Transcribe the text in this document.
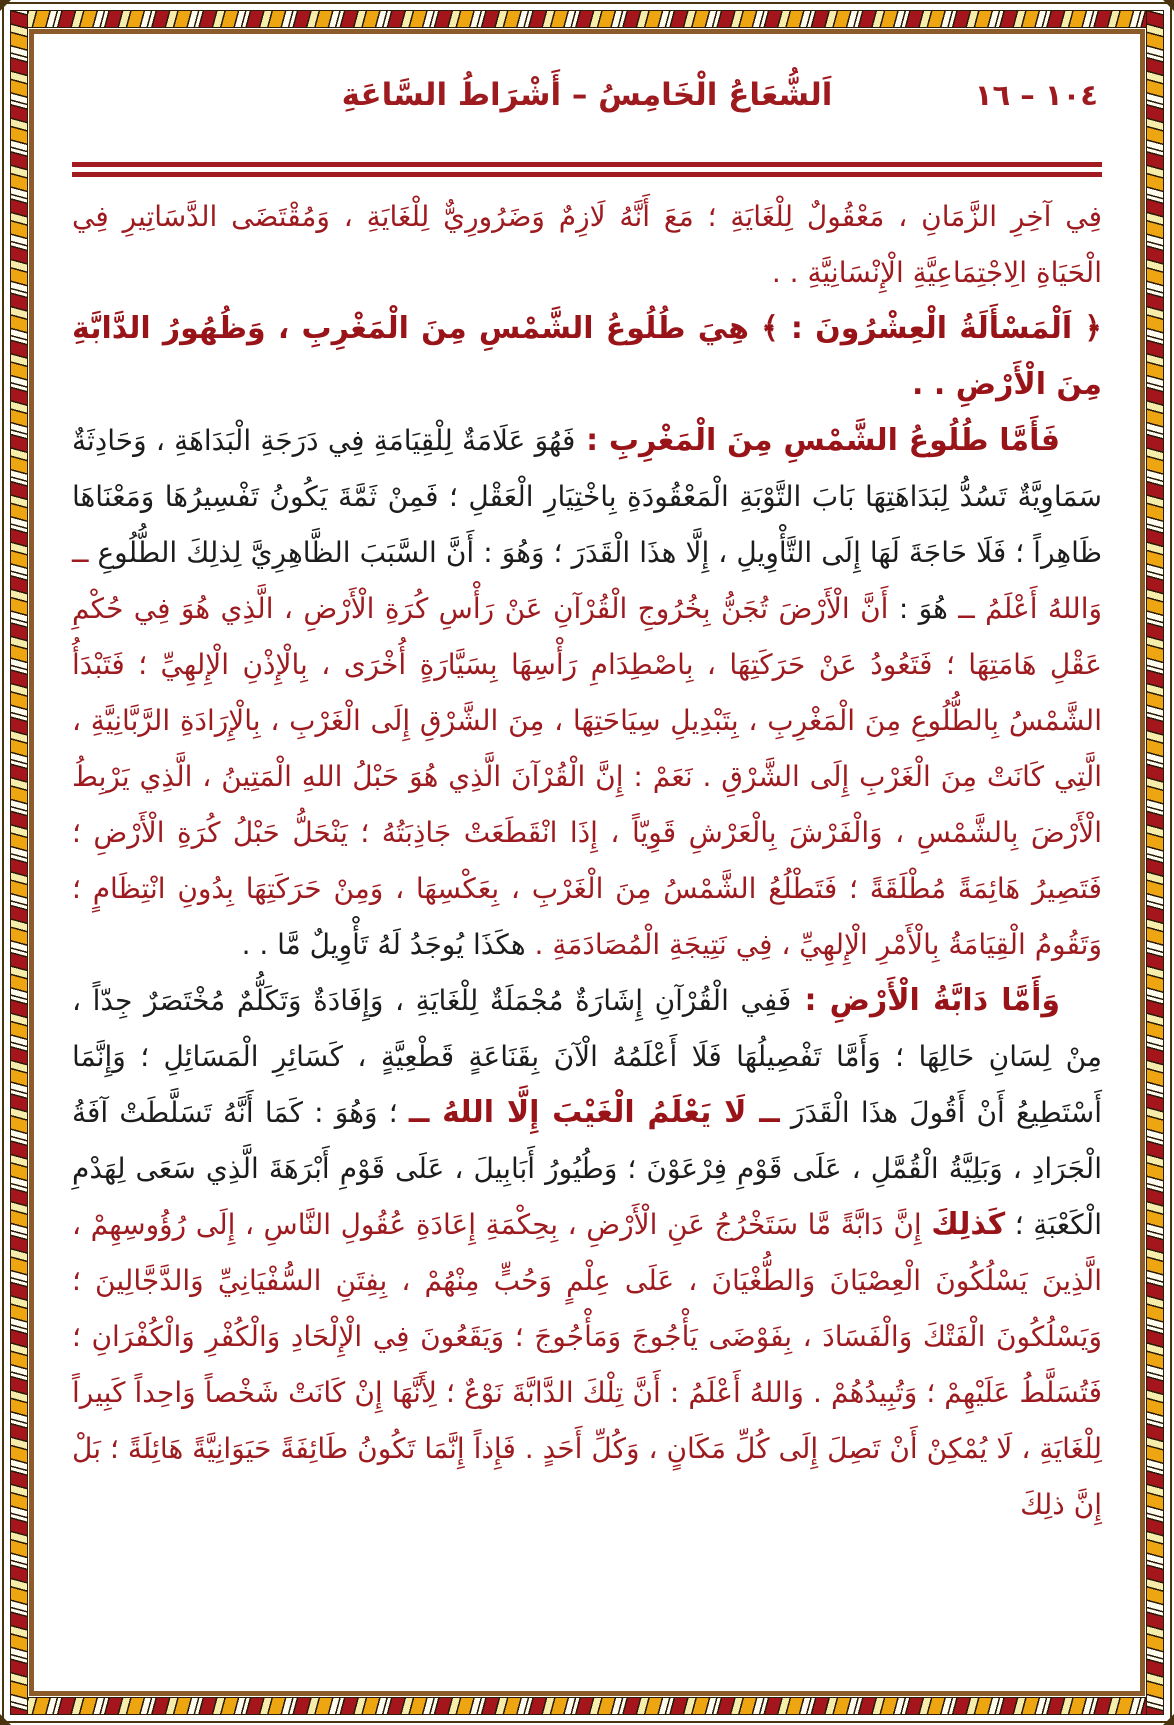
١٠٤ – ١٦
اَلشُّعَاعُ الْخَامِسُ – أَشْرَاطُ السَّاعَةِ

فِي آخِرِ الزَّمَانِ ، مَعْقُولٌ لِلْغَايَةِ ؛ مَعَ أَنَّهُ لَازِمٌ وَضَرُورِيٌّ لِلْغَايَةِ ، وَمُقْتَضَى الدَّسَاتِيرِ فِي الْحَيَاةِ الِاجْتِمَاعِيَّةِ الْإِنْسَانِيَّةِ . .

﴿ اَلْمَسْأَلَةُ الْعِشْرُونَ : ﴾ هِيَ طُلُوعُ الشَّمْسِ مِنَ الْمَغْرِبِ ، وَظُهُورُ الدَّابَّةِ مِنَ الْأَرْضِ . .

فَأَمَّا طُلُوعُ الشَّمْسِ مِنَ الْمَغْرِبِ : فَهُوَ عَلَامَةٌ لِلْقِيَامَةِ فِي دَرَجَةِ الْبَدَاهَةِ ، وَحَادِثَةٌ سَمَاوِيَّةٌ تَسُدُّ لِبَدَاهَتِهَا بَابَ التَّوْبَةِ الْمَعْقُودَةِ بِاخْتِيَارِ الْعَقْلِ ؛ فَمِنْ ثَمَّةَ يَكُونُ تَفْسِيرُهَا وَمَعْنَاهَا ظَاهِراً ؛ فَلَا حَاجَةَ لَهَا إِلَى التَّأْوِيلِ ، إِلَّا هذَا الْقَدَرَ ؛ وَهُوَ : أَنَّ السَّبَبَ الظَّاهِرِيَّ لِذلِكَ الطُّلُوعِ ــ وَاللهُ أَعْلَمُ ــ هُوَ : أَنَّ الْأَرْضَ تُجَنُّ بِخُرُوجِ الْقُرْآنِ عَنْ رَأْسِ كُرَةِ الْأَرْضِ ، الَّذِي هُوَ فِي حُكْمِ عَقْلِ هَامَتِهَا ؛ فَتَعُودُ عَنْ حَرَكَتِهَا ، بِاصْطِدَامِ رَأْسِهَا بِسَيَّارَةٍ أُخْرَى ، بِالْإِذْنِ الْإِلهِيِّ ؛ فَتَبْدَأُ الشَّمْسُ بِالطُّلُوعِ مِنَ الْمَغْرِبِ ، بِتَبْدِيلِ سِيَاحَتِهَا ، مِنَ الشَّرْقِ إِلَى الْغَرْبِ ، بِالْإِرَادَةِ الرَّبَّانِيَّةِ ، الَّتِي كَانَتْ مِنَ الْغَرْبِ إِلَى الشَّرْقِ . نَعَمْ : إِنَّ الْقُرْآنَ الَّذِي هُوَ حَبْلُ اللهِ الْمَتِينُ ، الَّذِي يَرْبِطُ الْأَرْضَ بِالشَّمْسِ ، وَالْفَرْشَ بِالْعَرْشِ قَوِيّاً ، إِذَا انْقَطَعَتْ جَاذِبَتُهُ ؛ يَنْحَلُّ حَبْلُ كُرَةِ الْأَرْضِ ؛ فَتَصِيرُ هَائِمَةً مُطْلَقَةً ؛ فَتَطْلُعُ الشَّمْسُ مِنَ الْغَرْبِ ، بِعَكْسِهَا ، وَمِنْ حَرَكَتِهَا بِدُونِ انْتِظَامٍ ؛ وَتَقُومُ الْقِيَامَةُ بِالْأَمْرِ الْإِلهِيِّ ، فِي نَتِيجَةِ الْمُصَادَمَةِ . هكَذَا يُوجَدُ لَهُ تَأْوِيلٌ مَّا . .

وَأَمَّا دَابَّةُ الْأَرْضِ : فَفِي الْقُرْآنِ إِشَارَةٌ مُجْمَلَةٌ لِلْغَايَةِ ، وَإِفَادَةٌ وَتَكَلُّمٌ مُخْتَصَرٌ جِدّاً ، مِنْ لِسَانِ حَالِهَا ؛ وَأَمَّا تَفْصِيلُهَا فَلَا أَعْلَمُهُ الْآنَ بِقَنَاعَةٍ قَطْعِيَّةٍ ، كَسَائِرِ الْمَسَائِلِ ؛ وَإِنَّمَا أَسْتَطِيعُ أَنْ أَقُولَ هذَا الْقَدَرَ ــ لَا يَعْلَمُ الْغَيْبَ إِلَّا اللهُ ــ ؛ وَهُوَ : كَمَا أَنَّهُ تَسَلَّطَتْ آفَةُ الْجَرَادِ ، وَبَلِيَّةُ الْقُمَّلِ ، عَلَى قَوْمِ فِرْعَوْنَ ؛ وَطُيُورُ أَبَابِيلَ ، عَلَى قَوْمِ أَبْرَهَةَ الَّذِي سَعَى لِهَدْمِ الْكَعْبَةِ ؛ كَذلِكَ إِنَّ دَابَّةً مَّا سَتَخْرُجُ عَنِ الْأَرْضِ ، بِحِكْمَةِ إِعَادَةِ عُقُولِ النَّاسِ ، إِلَى رُؤُوسِهِمْ ، الَّذِينَ يَسْلُكُونَ الْعِصْيَانَ وَالطُّغْيَانَ ، عَلَى عِلْمٍ وَحُبٍّ مِنْهُمْ ، بِفِتَنِ السُّفْيَانِيِّ وَالدَّجَّالِينَ ؛ وَيَسْلُكُونَ الْفَتْكَ وَالْفَسَادَ ، بِفَوْضَى يَأْجُوجَ وَمَأْجُوجَ ؛ وَيَقَعُونَ فِي الْإِلْحَادِ وَالْكُفْرِ وَالْكُفْرَانِ ؛ فَتُسَلَّطُ عَلَيْهِمْ ؛ وَتُبِيدُهُمْ . وَاللهُ أَعْلَمُ : أَنَّ تِلْكَ الدَّابَّةَ نَوْعٌ ؛ لِأَنَّهَا إِنْ كَانَتْ شَخْصاً وَاحِداً كَبِيراً لِلْغَايَةِ ، لَا يُمْكِنْ أَنْ تَصِلَ إِلَى كُلِّ مَكَانٍ ، وَكُلِّ أَحَدٍ . فَإِذاً إِنَّمَا تَكُونُ طَائِفَةً حَيَوَانِيَّةً هَائِلَةً ؛ بَلْ إِنَّ ذلِكَ
